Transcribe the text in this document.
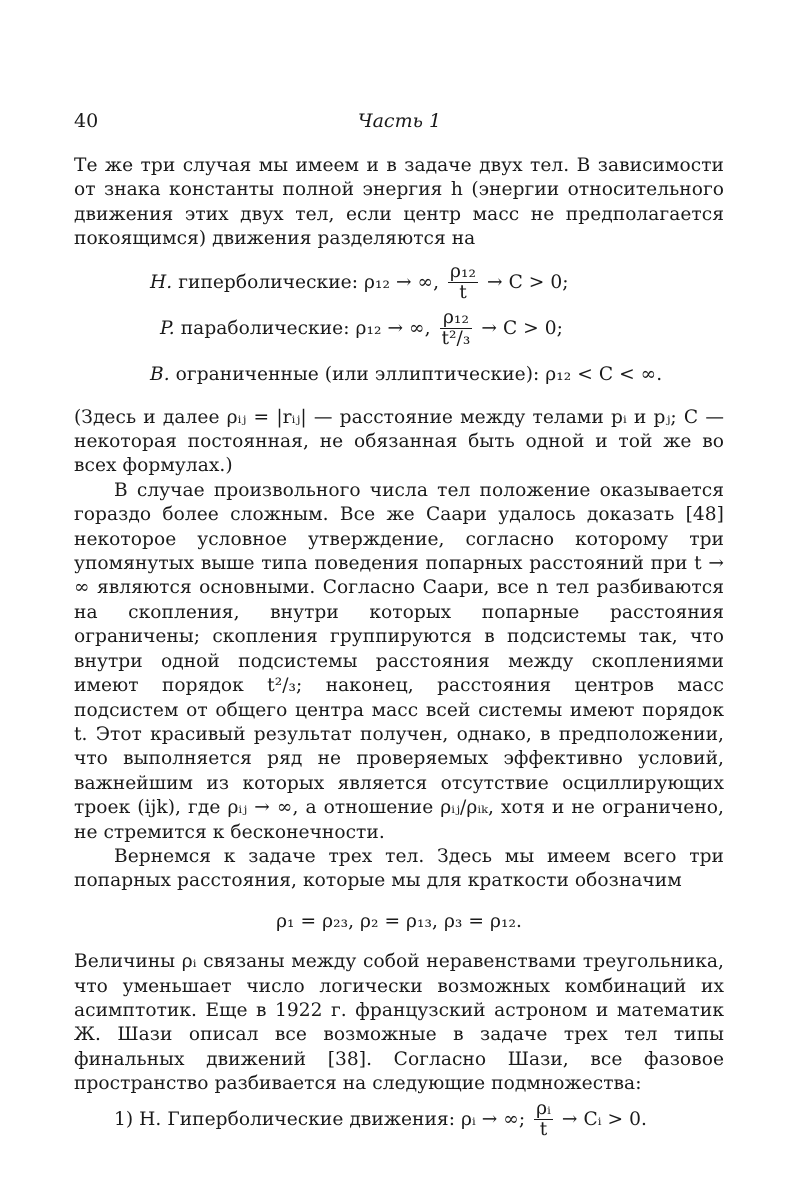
40	Часть 1

Те же три случая мы имеем и в задаче двух тел. В зависимости от знака константы полной энергия h (энергии относительного движения этих двух тел, если центр масс не предполагается покоящимся) движения разделяются на

H. гиперболические: ρ₁₂ → ∞, $\frac{\text{ρ₁₂}}{t} \to C > 0$;
P. параболические: ρ₁₂ → ∞, $\frac{\text{ρ₁₂}}{\text{t²/₃}} \to C > 0$;
B. ограниченные (или эллиптические): ρ₁₂ < C < ∞.

(Здесь и далее ρᵢⱼ = |rᵢⱼ| — расстояние между телами pᵢ и pⱼ; C — некоторая постоянная, не обязанная быть одной и той же во всех формулах.)

В случае произвольного числа тел положение оказывается гораздо более сложным. Все же Саари удалось доказать [48] некоторое условное утверждение, согласно которому три упомянутых выше типа поведения попарных расстояний при t → ∞ являются основными. Согласно Саари, все n тел разбиваются на скопления, внутри которых попарные расстояния ограничены; скопления группируются в подсистемы так, что внутри одной подсистемы расстояния между скоплениями имеют порядок t²/₃; наконец, расстояния центров масс подсистем от общего центра масс всей системы имеют порядок t. Этот красивый результат получен, однако, в предположении, что выполняется ряд не проверяемых эффективно условий, важнейшим из которых является отсутствие осциллирующих троек (ijk), где ρᵢⱼ → ∞, а отношение ρᵢⱼ/ρᵢₖ, хотя и не ограничено, не стремится к бесконечности.

Вернемся к задаче трех тел. Здесь мы имеем всего три попарных расстояния, которые мы для краткости обозначим

ρ₁ = ρ₂₃, ρ₂ = ρ₁₃, ρ₃ = ρ₁₂.

Величины ρᵢ связаны между собой неравенствами треугольника, что уменьшает число логически возможных комбинаций их асимптотик. Еще в 1922 г. французский астроном и математик Ж. Шази описал все возможные в задаче трех тел типы финальных движений [38]. Согласно Шази, все фазовое пространство разбивается на следующие подмножества:

1) H. Гиперболические движения: ρᵢ → ∞; $\frac{\text{ρᵢ}}{t}$ → Cᵢ > 0.
